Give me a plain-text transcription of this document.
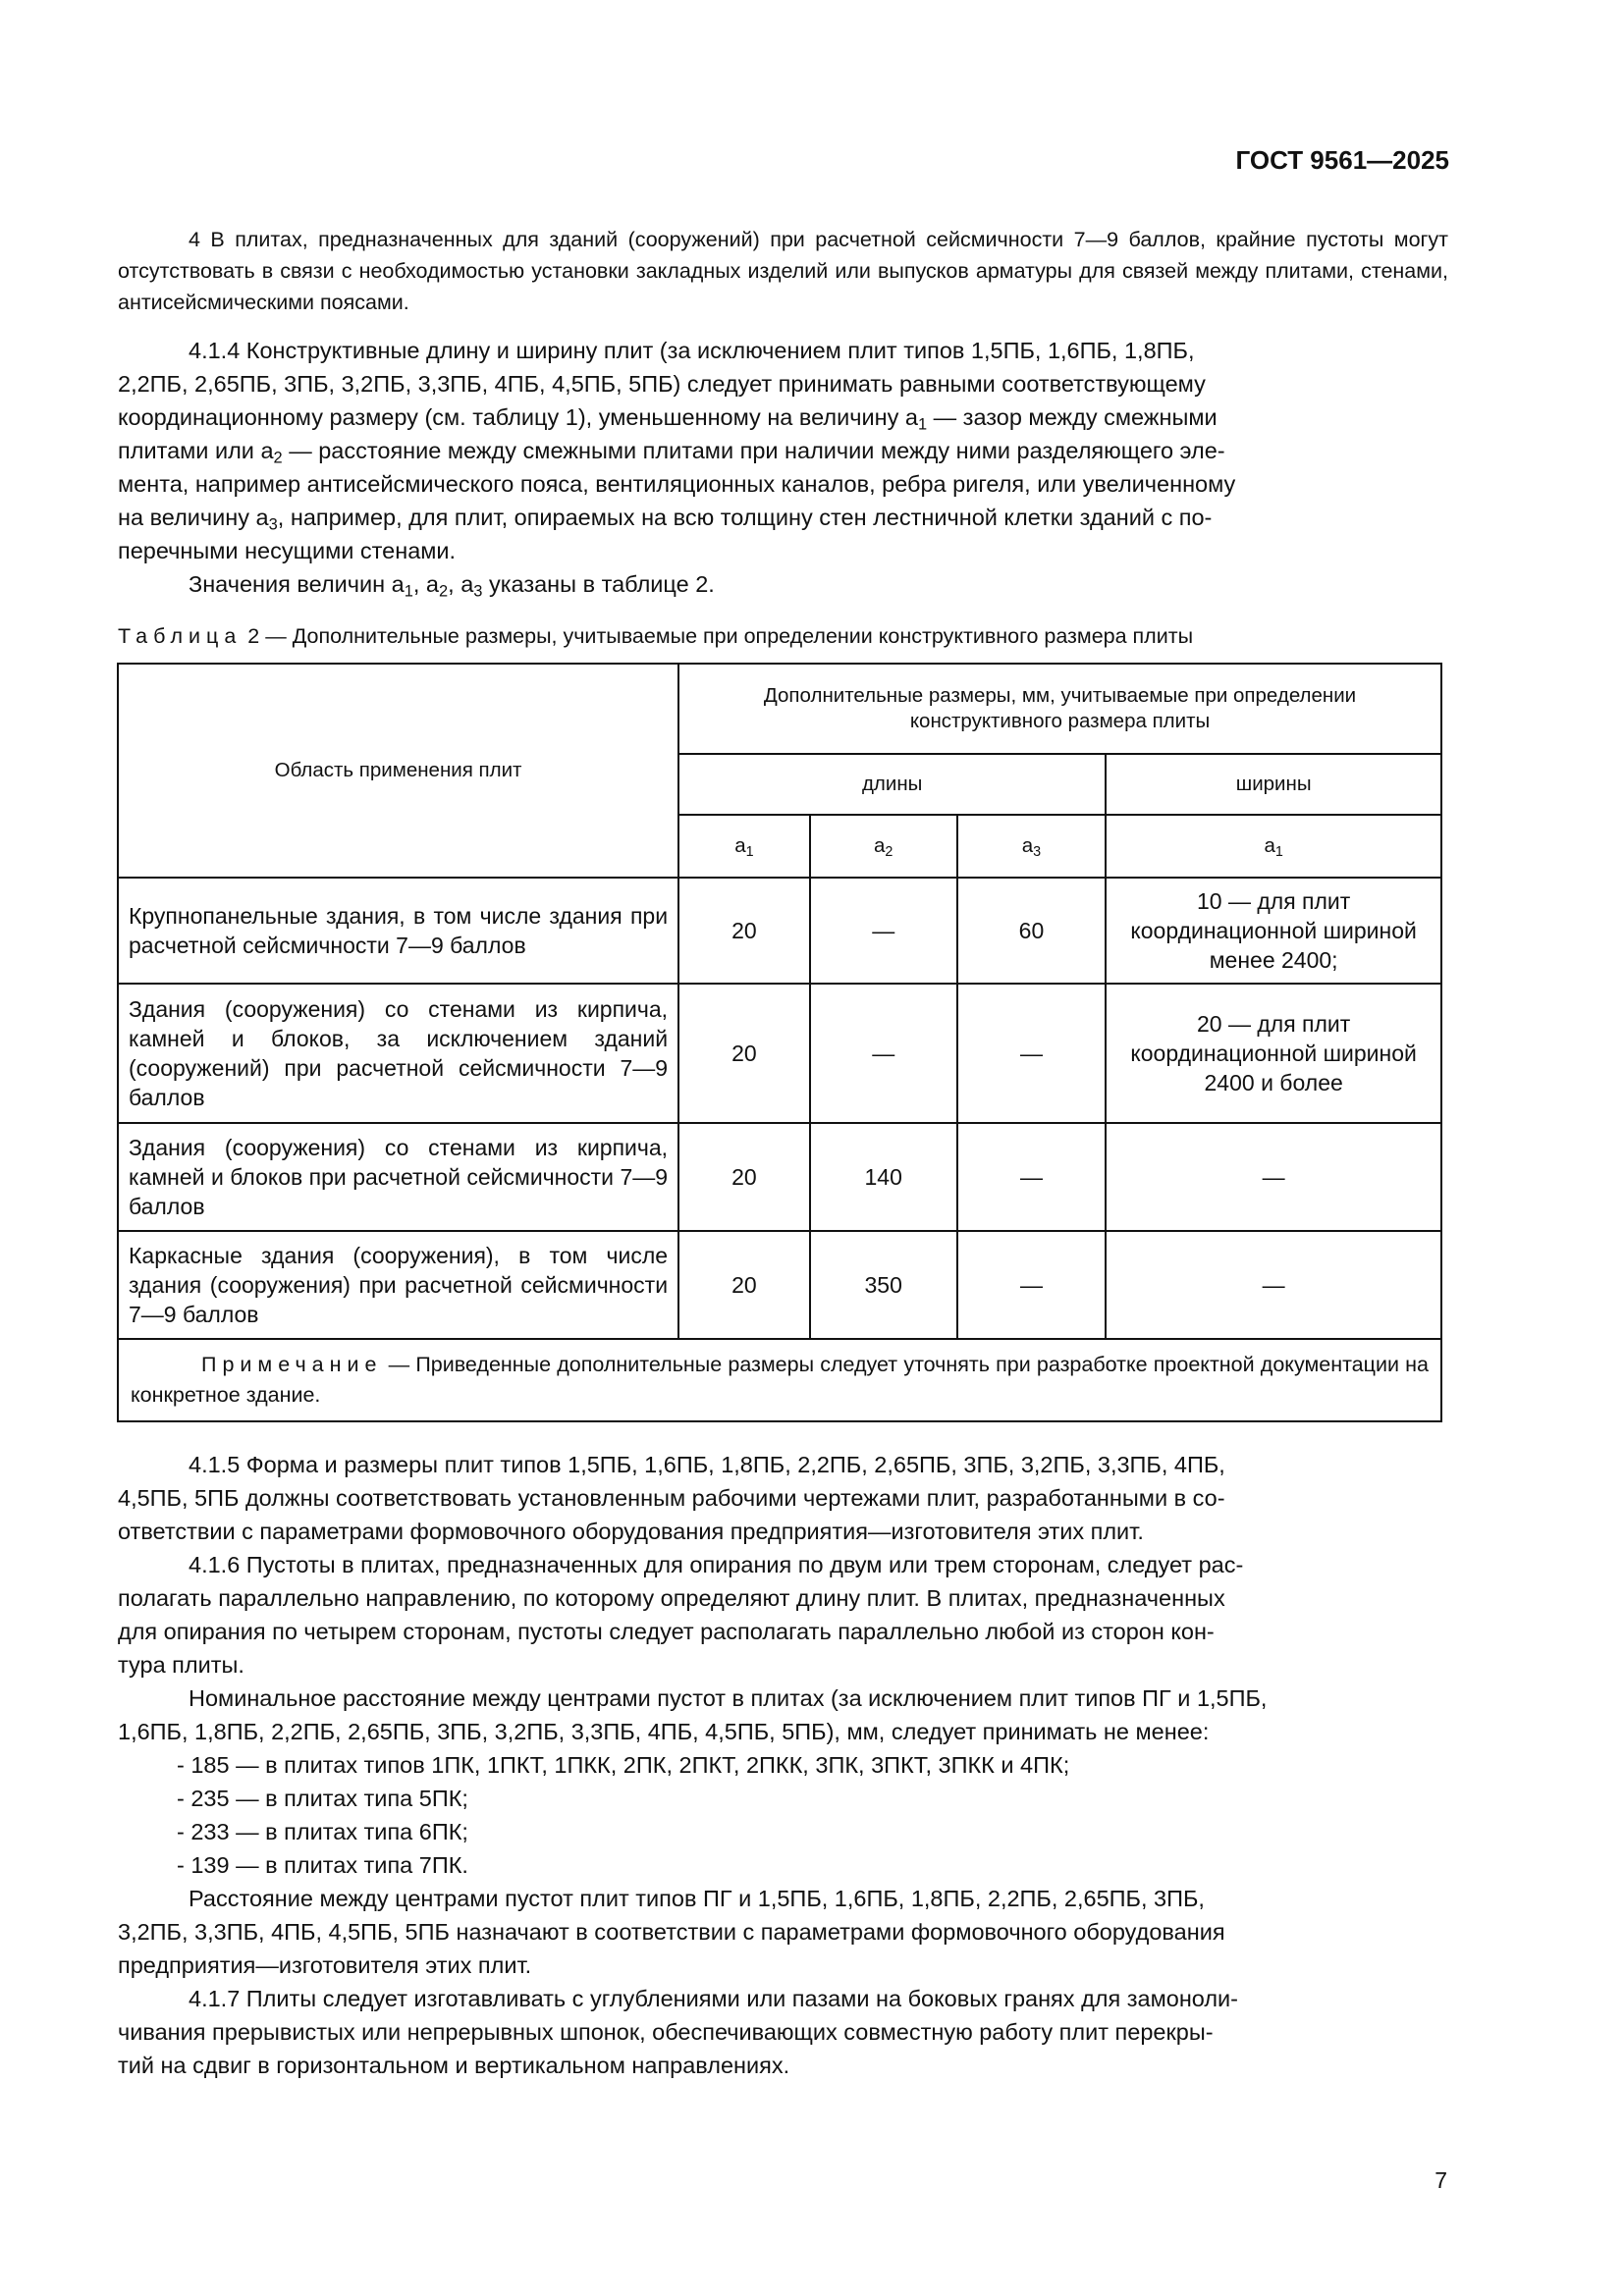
ГОСТ 9561—2025
4 В плитах, предназначенных для зданий (сооружений) при расчетной сейсмичности 7—9 баллов, крайние пустоты могут отсутствовать в связи с необходимостью установки закладных изделий или выпусков арматуры для связей между плитами, стенами, антисейсмическими поясами.
4.1.4 Конструктивные длину и ширину плит (за исключением плит типов 1,5ПБ, 1,6ПБ, 1,8ПБ,
2,2ПБ, 2,65ПБ, 3ПБ, 3,2ПБ, 3,3ПБ, 4ПБ, 4,5ПБ, 5ПБ) следует принимать равными соответствующему
координационному размеру (см. таблицу 1), уменьшенному на величину $а_1$ — зазор между смежными
плитами или $а_2$ — расстояние между смежными плитами при наличии между ними разделяющего эле-
мента, например антисейсмического пояса, вентиляционных каналов, ребра ригеля, или увеличенному
на величину $а_3$, например, для плит, опираемых на всю толщину стен лестничной клетки зданий с по-
перечными несущими стенами.
Значения величин $а_1$, $а_2$, $а_3$ указаны в таблице 2.
Таблица 2 — Дополнительные размеры, учитываемые при определении конструктивного размера плиты
Область применения плит	Дополнительные размеры, мм, учитываемые при определении конструктивного размера плиты			
	длины			ширины
	$а_1$	$а_2$	$а_3$	$а_1$
Крупнопанельные здания, в том числе здания при расчетной сейсмичности 7—9 баллов	20	—	60	10 — для плит координационной шириной менее 2400;
Здания (сооружения) со стенами из кирпича, камней и блоков, за исключением зданий (сооружений) при расчетной сейсмичности 7—9 баллов	20	—	—	20 — для плит координационной шириной 2400 и более
Здания (сооружения) со стенами из кирпича, камней и блоков при расчетной сейсмичности 7—9 баллов	20	140	—	—
Каркасные здания (сооружения), в том числе здания (сооружения) при расчетной сейсмичности 7—9 баллов	20	350	—	—
Примечание — Приведенные дополнительные размеры следует уточнять при разработке проектной документации на конкретное здание.				
4.1.5 Форма и размеры плит типов 1,5ПБ, 1,6ПБ, 1,8ПБ, 2,2ПБ, 2,65ПБ, 3ПБ, 3,2ПБ, 3,3ПБ, 4ПБ,
4,5ПБ, 5ПБ должны соответствовать установленным рабочими чертежами плит, разработанными в со-
ответствии с параметрами формовочного оборудования предприятия—изготовителя этих плит.
4.1.6 Пустоты в плитах, предназначенных для опирания по двум или трем сторонам, следует рас-
полагать параллельно направлению, по которому определяют длину плит. В плитах, предназначенных
для опирания по четырем сторонам, пустоты следует располагать параллельно любой из сторон кон-
тура плиты.
Номинальное расстояние между центрами пустот в плитах (за исключением плит типов ПГ и 1,5ПБ,
1,6ПБ, 1,8ПБ, 2,2ПБ, 2,65ПБ, 3ПБ, 3,2ПБ, 3,3ПБ, 4ПБ, 4,5ПБ, 5ПБ), мм, следует принимать не менее:
- 185 — в плитах типов 1ПК, 1ПКТ, 1ПКК, 2ПК, 2ПКТ, 2ПКК, 3ПК, 3ПКТ, 3ПКК и 4ПК;
- 235 — в плитах типа 5ПК;
- 233 — в плитах типа 6ПК;
- 139 — в плитах типа 7ПК.
Расстояние между центрами пустот плит типов ПГ и 1,5ПБ, 1,6ПБ, 1,8ПБ, 2,2ПБ, 2,65ПБ, 3ПБ,
3,2ПБ, 3,3ПБ, 4ПБ, 4,5ПБ, 5ПБ назначают в соответствии с параметрами формовочного оборудования
предприятия—изготовителя этих плит.
4.1.7 Плиты следует изготавливать с углублениями или пазами на боковых гранях для замоноли-
чивания прерывистых или непрерывных шпонок, обеспечивающих совместную работу плит перекры-
тий на сдвиг в горизонтальном и вертикальном направлениях.
7
